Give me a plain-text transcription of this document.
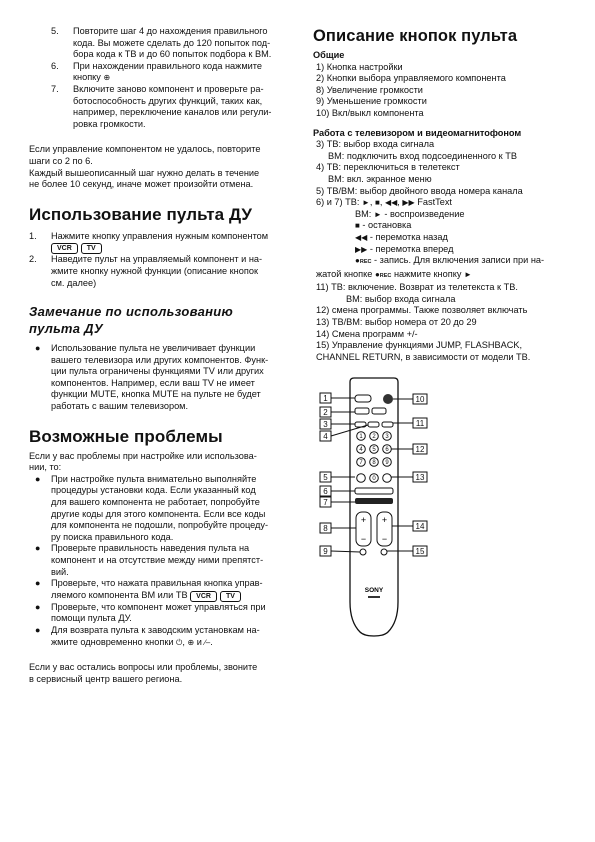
5.	Повторите шаг 4 до нахождения правильного
кода. Вы можете сделать до 120 попыток под-
бора кода к ТВ и до 60 попыток подбора к ВМ.
6.	При нахождении правильного кода нажмите
кнопку ⊕︎
7.	Включите заново компонент и проверьте ра-
ботоспособность других функций, таких как,
например, переключение каналов или регули-
ровка громкости.

Если управление компонентом не удалось, повторите
шаги со 2 по 6.
Каждый вышеописанный шаг нужно делать в течение
не более 10 секунд, иначе может произойти отмена.

Использование пульта ДУ
1.	Нажмите кнопку управления нужным компонентом
VCR TV
2.	Наведите пульт на управляемый компонент и на-
жмите кнопку нужной функции (описание кнопок
см. далее)
Замечание по использованию
пульта ДУ
●	Использование пульта не увеличивает функции
вашего телевизора или других компонентов. Функ-
ции пульта ограничены функциями TV или других
компонентов. Например, если ваш TV не имеет
функции MUTE, кнопка MUTE на пульте не будет
работать с вашим телевизором.
Возможные проблемы

Если у вас проблемы при настройке или использова-
нии, то:

●	При настройке пульта внимательно выполняйте
процедуры установки кода. Если указанный код
для вашего компонента не работает, попробуйте
другие коды для этого компонента. Если все коды
для компонента не подошли, попробуйте процеду-
ру поиска правильного кода.
●	Проверьте правильность наведения пульта на
компонент и на отсутствие между ними препятст-
вий.
●	Проверьте, что нажата правильная кнопка управ-
ляемого компонента ВМ или ТВ VCR TV
●	Проверьте, что компонент может управляться при
помощи пульта ДУ.
●	Для возврата пульта к заводским установкам на-
жмите одновременно кнопки ⏻, ⊕ и ∕–.

Если у вас остались вопросы или проблемы, звоните
в сервисный центр вашего региона.

Описание кнопок пульта

Общие

1) Кнопка настройки

2) Кнопки выбора управляемого компонента

8) Увеличение громкости

9) Уменьшение громкости

10) Вкл/выкл компонента

Работа с телевизором и видеомагнитофоном

3) ТВ: выбор входа сигнала

ВМ: подключить вход подсоединенного к ТВ

4) ТВ: переключиться в телетекст

ВМ: вкл. экранное меню

5) ТВ/ВМ: выбор двойного ввода номера канала

6) и 7) ТВ: ►, ■, ◀◀, ▶▶ FastText

ВМ: ► - воспроизведение

■ - остановка

◀◀ - перемотка назад

▶▶ - перемотка вперед

●REC - запись. Для включения записи при на-

жатой кнопке ●REC нажмите кнопку ►

11) ТВ: включение. Возврат из телетекста к ТВ.

ВМ: выбор входа сигнала

12) смена программы. Также позволяет включать

13) ТВ/ВМ: выбор номера от 20 до 29

14) Смена программ +/-

15) Управление функциями JUMP, FLASHBACK,

CHANNEL RETURN, в зависимости от модели ТВ.

1 2 3
4 5 6
7 8 9
0
+
−
+
−
SONY
1
2
3
4
5
6
7
8
9
10
11
12
13
14
15
